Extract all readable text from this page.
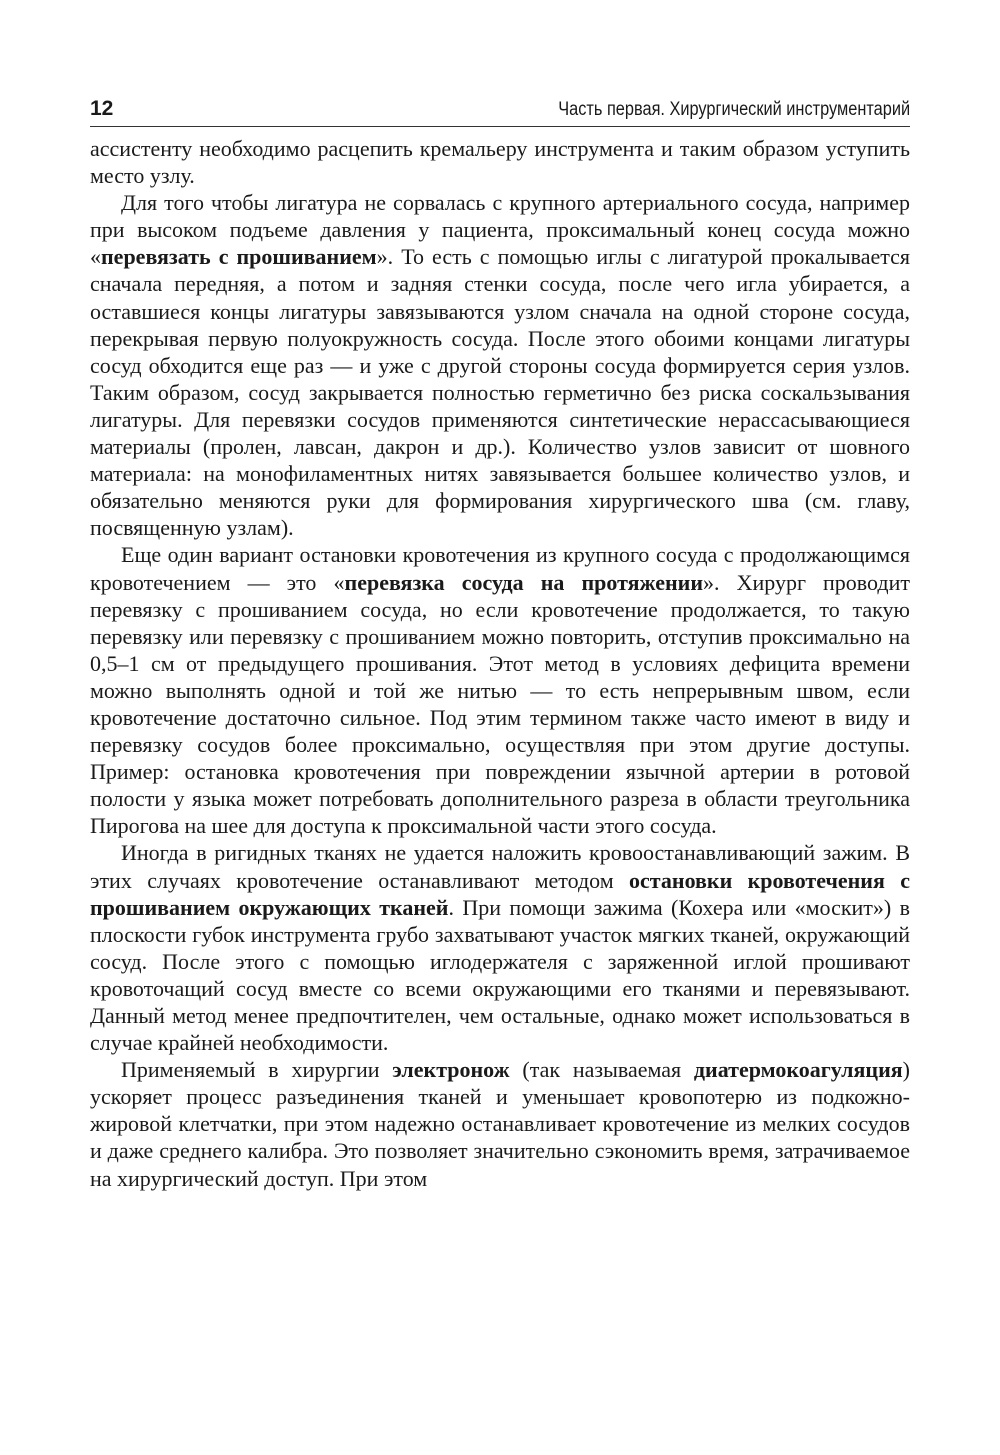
12	Часть первая. Хирургический инструментарий

ассистенту необходимо расцепить кремальеру инструмента и таким образом уступить место узлу.

Для того чтобы лигатура не сорвалась с крупного артериального сосуда, например при высоком подъеме давления у пациента, проксимальный конец сосуда можно «перевязать с прошиванием». То есть с помощью иглы с лигатурой прокалывается сначала передняя, а потом и задняя стенки сосуда, после чего игла убирается, а оставшиеся концы лигатуры завязываются узлом сначала на одной стороне сосуда, перекрывая первую полуокружность сосуда. После этого обоими концами лигатуры сосуд обходится еще раз — и уже с другой стороны сосуда формируется серия узлов. Таким образом, сосуд закрывается полностью герметично без риска соскальзывания лигатуры. Для перевязки сосудов применяются синтетические нерассасывающиеся материалы (пролен, лавсан, дакрон и др.). Количество узлов зависит от шовного материала: на монофиламентных нитях завязывается большее количество узлов, и обязательно меняются руки для формирования хирургического шва (см. главу, посвященную узлам).

Еще один вариант остановки кровотечения из крупного сосуда с продолжающимся кровотечением — это «перевязка сосуда на протяжении». Хирург проводит перевязку с прошиванием сосуда, но если кровотечение продолжается, то такую перевязку или перевязку с прошиванием можно повторить, отступив проксимально на 0,5–1 см от предыдущего прошивания. Этот метод в условиях дефицита времени можно выполнять одной и той же нитью — то есть непрерывным швом, если кровотечение достаточно сильное. Под этим термином также часто имеют в виду и перевязку сосудов более проксимально, осуществляя при этом другие доступы. Пример: остановка кровотечения при повреждении язычной артерии в ротовой полости у языка может потребовать дополнительного разреза в области треугольника Пирогова на шее для доступа к проксимальной части этого сосуда.

Иногда в ригидных тканях не удается наложить кровоостанавливающий зажим. В этих случаях кровотечение останавливают методом остановки кровотечения с прошиванием окружающих тканей. При помощи зажима (Кохера или «москит») в плоскости губок инструмента грубо захватывают участок мягких тканей, окружающий сосуд. После этого с помощью иглодержателя с заряженной иглой прошивают кровоточащий сосуд вместе со всеми окружающими его тканями и перевязывают. Данный метод менее предпочтителен, чем остальные, однако может использоваться в случае крайней необходимости.

Применяемый в хирургии электронож (так называемая диатермокоагуляция) ускоряет процесс разъединения тканей и уменьшает кровопотерю из подкожно-жировой клетчатки, при этом надежно останавливает кровотечение из мелких сосудов и даже среднего калибра. Это позволяет значительно сэкономить время, затрачиваемое на хирургический доступ. При этом
